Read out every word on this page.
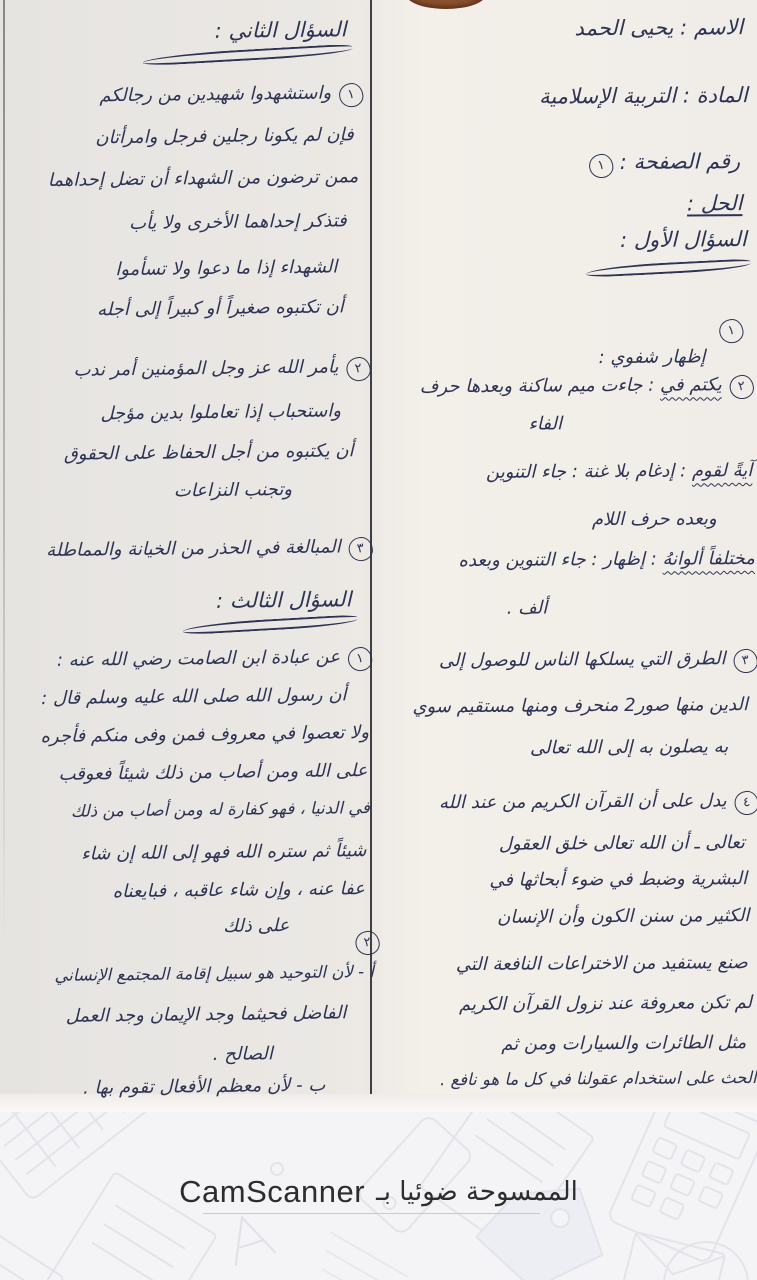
الاسم : يحيى الحمد
المادة : التربية الإسلامية
رقم الصفحة : ١
الحل :
السؤال الأول :
١
إظهار شفوي :
٢يكتم في : جاءت ميم ساكنة وبعدها حرف
الفاء
آيةً لقوم : إدغام بلا غنة : جاء التنوين
وبعده حرف اللام
مختلفاً ألوانهُ : إظهار : جاء التنوين وبعده
ألف .
٣الطرق التي يسلكها الناس للوصول إلى
الدين منها صور2 منحرف ومنها مستقيم سوي
به يصلون به إلى الله تعالى
٤يدل على أن القرآن الكريم من عند الله
تعالى ـ أن الله تعالى خلق العقول
البشرية وضبط في ضوء أبحاثها في
الكثير من سنن الكون وأن الإنسان
صنع يستفيد من الاختراعات النافعة التي
لم تكن معروفة عند نزول القرآن الكريم
مثل الطائرات والسيارات ومن ثم
الحث على استخدام عقولنا في كل ما هو نافع .
السؤال الثاني :
١واستشهدوا شهيدين من رجالكم
فإن لم يكونا رجلين فرجل وامرأتان
ممن ترضون من الشهداء أن تضل إحداهما
فتذكر إحداهما الأخرى ولا يأب
الشهداء إذا ما دعوا ولا تسأموا
أن تكتبوه صغيراً أو كبيراً إلى أجله
٢يأمر الله عز وجل المؤمنين أمر ندب
واستحباب إذا تعاملوا بدين مؤجل
أن يكتبوه من أجل الحفاظ على الحقوق
وتجنب النزاعات
٣المبالغة في الحذر من الخيانة والمماطلة
السؤال الثالث :
١عن عبادة ابن الصامت رضي الله عنه :
أن رسول الله صلى الله عليه وسلم قال :
ولا تعصوا في معروف فمن وفى منكم فأجره
على الله ومن أصاب من ذلك شيئاً فعوقب
في الدنيا ، فهو كفارة له ومن أصاب من ذلك
شيئاً ثم ستره الله فهو إلى الله إن شاء
عفا عنه ، وإن شاء عاقبه ، فبايعناه
على ذلك
٢
أ - لأن التوحيد هو سبيل إقامة المجتمع الإنساني
الفاضل فحيثما وجد الإيمان وجد العمل
الصالح .
ب - لأن معظم الأفعال تقوم بها .
الممسوحة ضوئيا بـ
CamScanner
